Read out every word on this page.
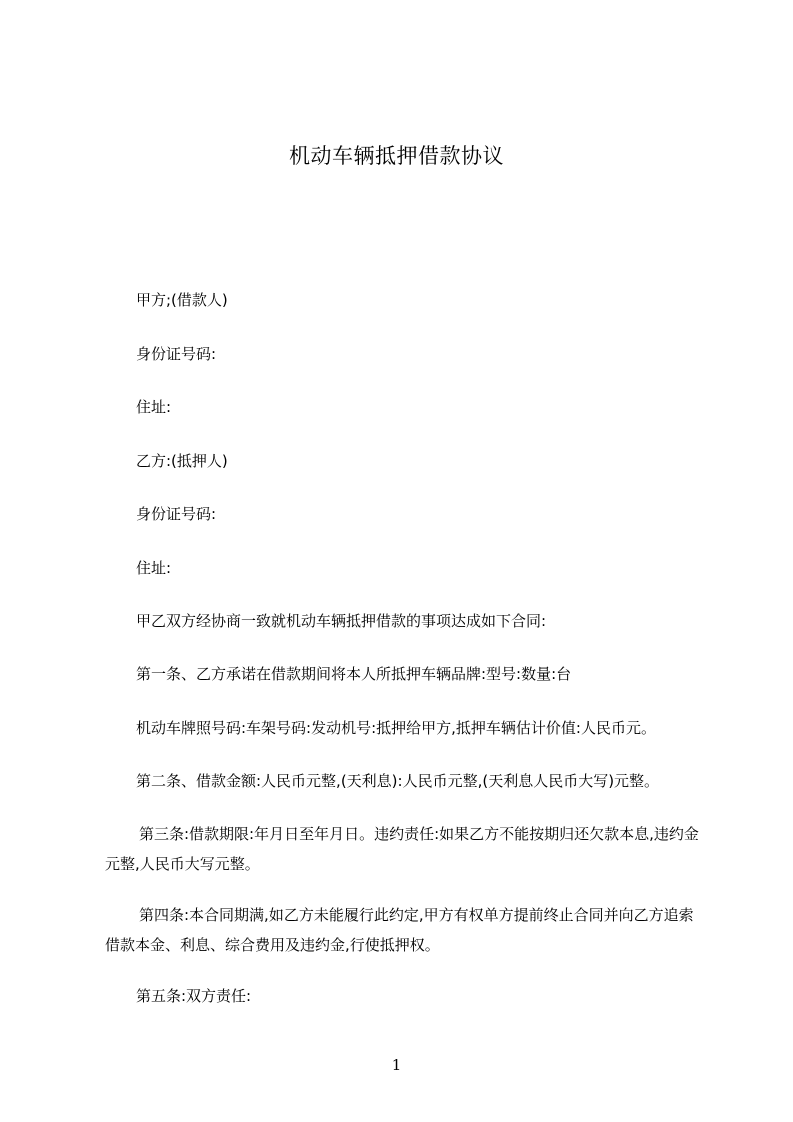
机动车辆抵押借款协议
甲方;(借款人)
身份证号码:
住址:
乙方:(抵押人)
身份证号码:
住址:
甲乙双方经协商一致就机动车辆抵押借款的事项达成如下合同:
第一条、乙方承诺在借款期间将本人所抵押车辆品牌:型号:数量:台
机动车牌照号码:车架号码:发动机号:抵押给甲方,抵押车辆估计价值:人民币元。
第二条、借款金额:人民币元整,(天利息):人民币元整,(天利息人民币大写)元整。
第三条:借款期限:年月日至年月日。违约责任:如果乙方不能按期归还欠款本息,违约金元整,人民币大写元整。
第四条:本合同期满,如乙方未能履行此约定,甲方有权单方提前终止合同并向乙方追索借款本金、利息、综合费用及违约金,行使抵押权。
第五条:双方责任:
1
